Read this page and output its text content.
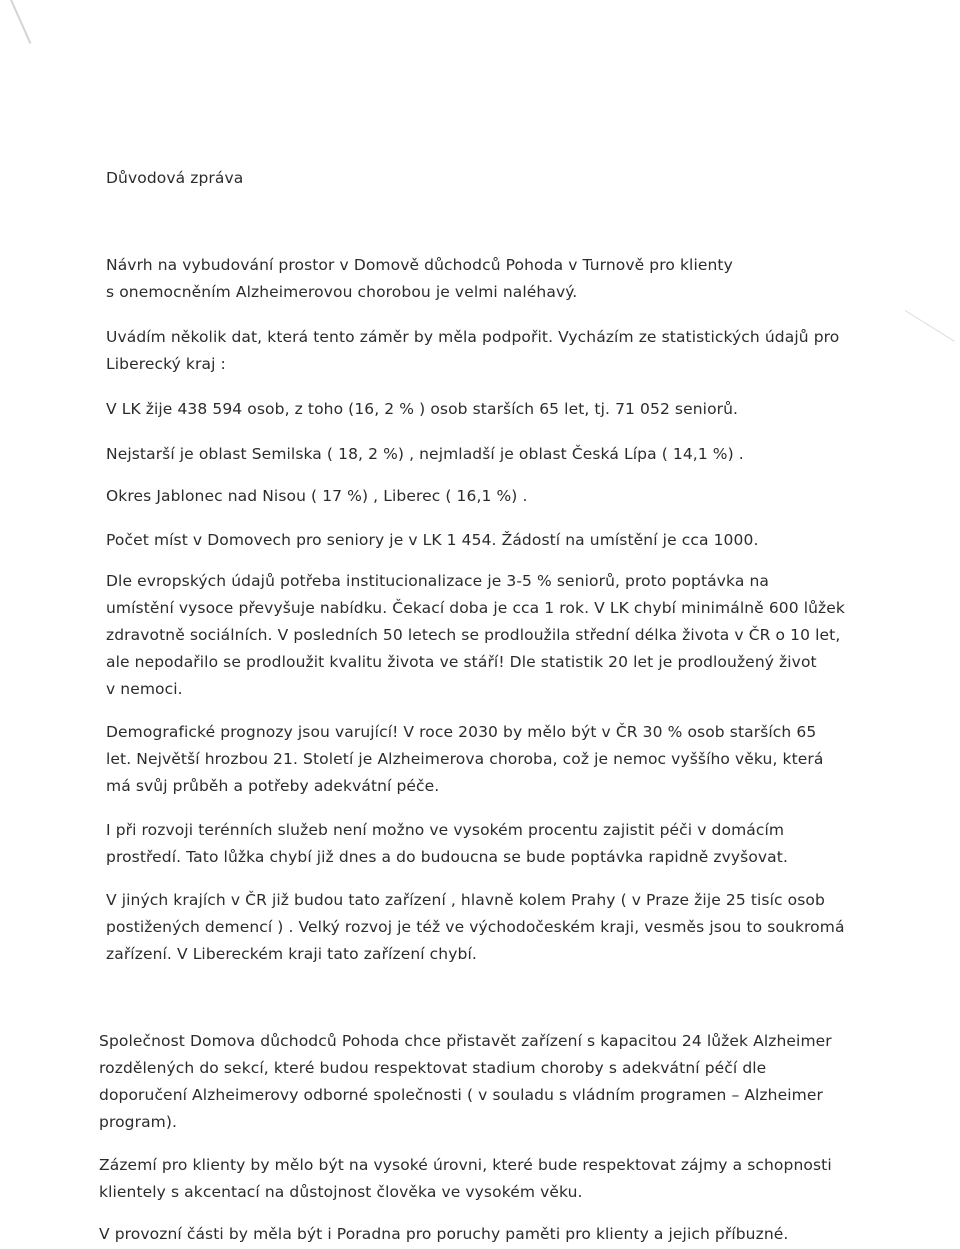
Důvodová zpráva

Návrh na vybudování prostor v Domově důchodců Pohoda v Turnově pro klienty

s onemocněním Alzheimerovou chorobou je velmi naléhavý.

Uvádím několik dat, která tento záměr by měla podpořit. Vycházím ze statistických údajů pro

Liberecký kraj :

V LK žije 438 594 osob, z toho (16, 2 % ) osob starších 65 let, tj. 71 052 seniorů.

Nejstarší je oblast Semilska ( 18, 2 %) , nejmladší je oblast Česká Lípa ( 14,1 %) .

Okres Jablonec nad Nisou ( 17 %) , Liberec ( 16,1 %) .

Počet míst v Domovech pro seniory je v LK 1 454. Žádostí na umístění je cca 1000.

Dle evropských údajů potřeba institucionalizace je 3-5 % seniorů, proto poptávka na

umístění vysoce převyšuje nabídku. Čekací doba je cca 1 rok. V LK chybí minimálně 600 lůžek

zdravotně sociálních. V posledních 50 letech se prodloužila střední délka života v ČR o 10 let,

ale nepodařilo se prodloužit kvalitu života ve stáří! Dle statistik 20 let je prodloužený život

v nemoci.

Demografické prognozy jsou varující! V roce 2030 by mělo být v ČR 30 % osob starších 65

let. Největší hrozbou 21. Století je Alzheimerova choroba, což je nemoc vyššího věku, která

má svůj průběh a potřeby adekvátní péče.

I při rozvoji terénních služeb není možno ve vysokém procentu zajistit péči v domácím

prostředí. Tato lůžka chybí již dnes a do budoucna se bude poptávka rapidně zvyšovat.

V jiných krajích v ČR již budou tato zařízení , hlavně kolem Prahy ( v Praze žije 25 tisíc osob

postižených demencí ) . Velký rozvoj je též ve východočeském kraji, vesměs jsou to soukromá

zařízení. V Libereckém kraji tato zařízení chybí.

Společnost Domova důchodců Pohoda chce přistavět zařízení s kapacitou 24 lůžek Alzheimer

rozdělených do sekcí, které budou respektovat stadium choroby s adekvátní péčí dle

doporučení Alzheimerovy odborné společnosti ( v souladu s vládním programen – Alzheimer

program).

Zázemí pro klienty by mělo být na vysoké úrovni, které bude respektovat zájmy a schopnosti

klientely s akcentací na důstojnost člověka ve vysokém věku.

V provozní části by měla být i Poradna pro poruchy paměti pro klienty a jejich příbuzné.
